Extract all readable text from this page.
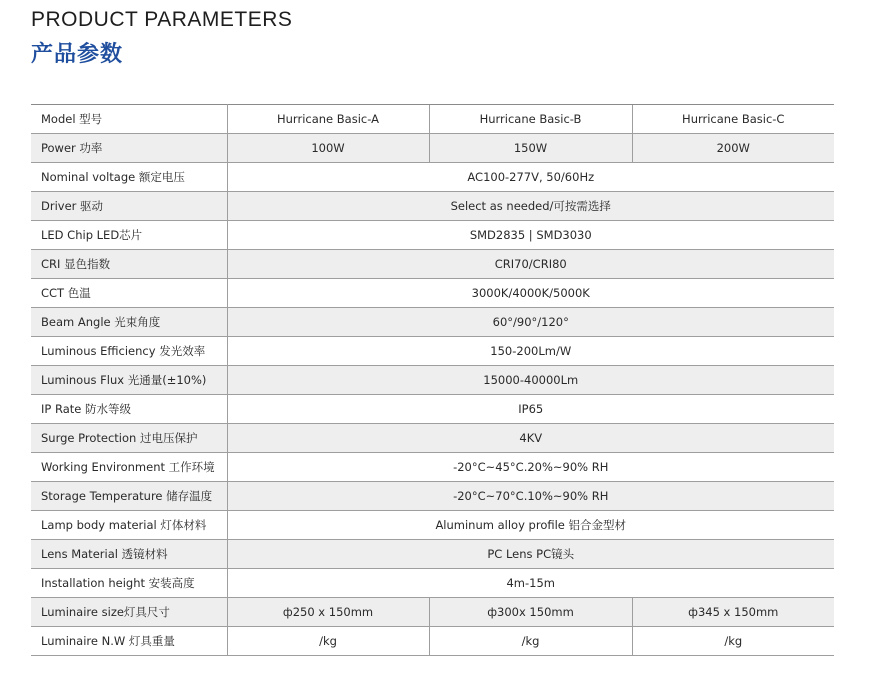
PRODUCT PARAMETERS
产品参数
Model 型号	Hurricane Basic-A	Hurricane Basic-B	Hurricane Basic-C
Power 功率	100W	150W	200W
Nominal voltage 额定电压	AC100-277V, 50/60Hz		
Driver 驱动	Select as needed/可按需选择		
LED Chip LED芯片	SMD2835 | SMD3030		
CRI 显色指数	CRI70/CRI80		
CCT 色温	3000K/4000K/5000K		
Beam Angle 光束角度	60°/90°/120°		
Luminous Efficiency 发光效率	150-200Lm/W		
Luminous Flux 光通量(±10%)	15000-40000Lm		
IP Rate 防水等级	IP65		
Surge Protection 过电压保护	4KV		
Working Environment 工作环境	-20°C~45°C.20%~90% RH		
Storage Temperature 储存温度	-20°C~70°C.10%~90% RH		
Lamp body material 灯体材料	Aluminum alloy profile 铝合金型材		
Lens Material 透镜材料	PC Lens PC镜头		
Installation height 安装高度	4m-15m		
Luminaire size灯具尺寸	ф250 x 150mm	ф300x 150mm	ф345 x 150mm
Luminaire N.W 灯具重量	/kg	/kg	/kg
